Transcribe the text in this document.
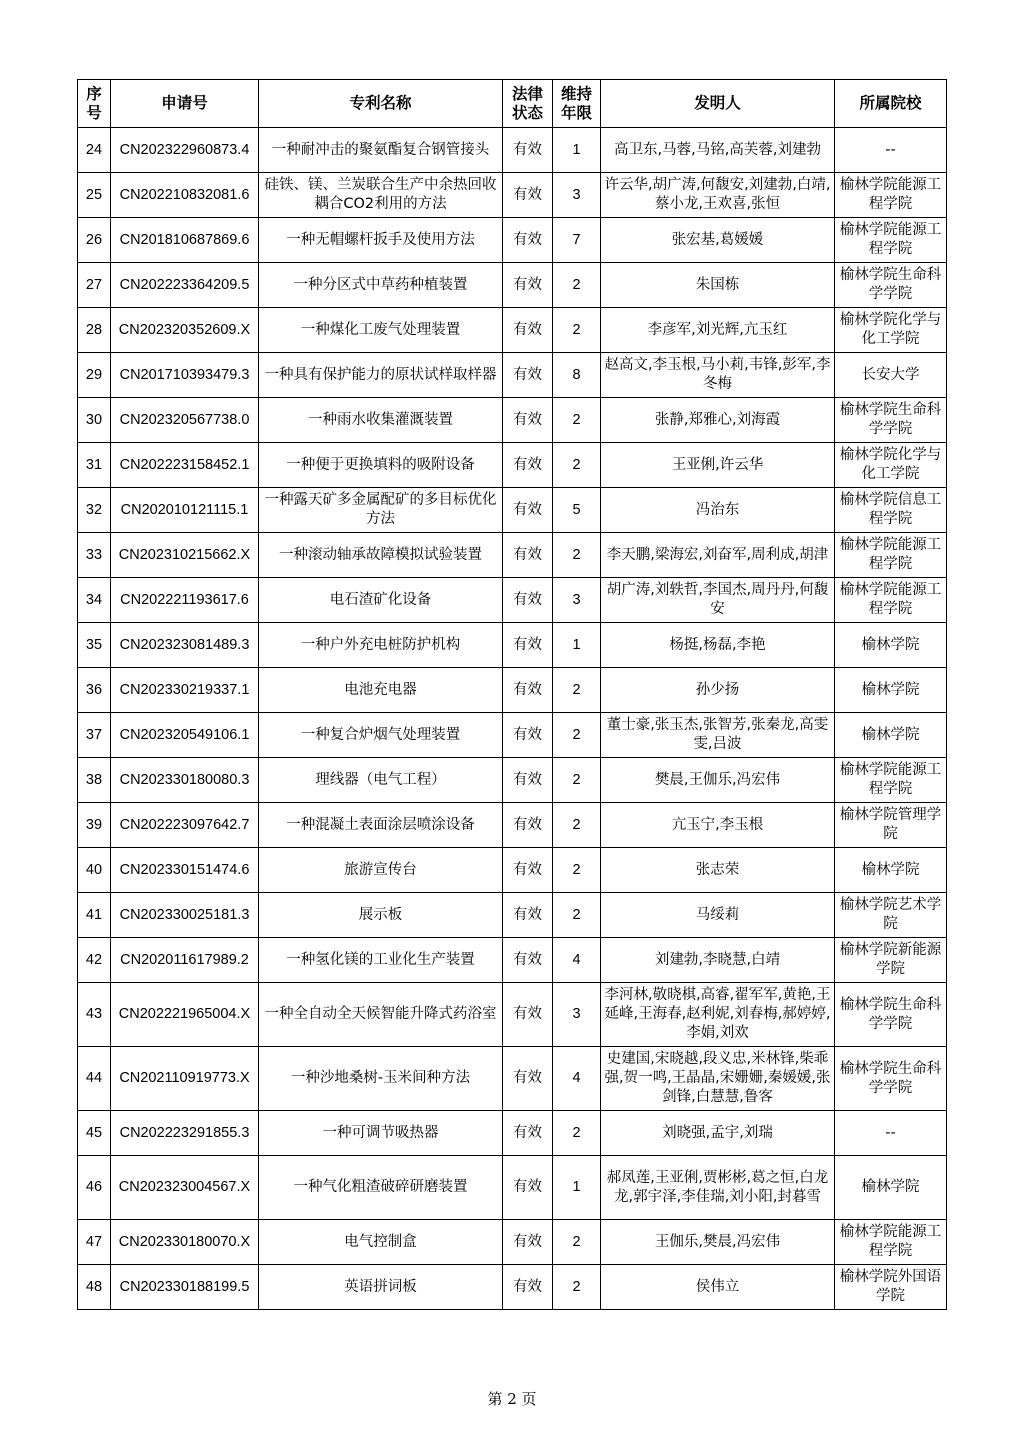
序号	申请号	专利名称	法律状态	维持年限	发明人	所属院校
24	CN202322960873.4	一种耐冲击的聚氨酯复合钢管接头	有效	1	高卫东,马蓉,马铭,高芙蓉,刘建勃	--
25	CN202210832081.6	硅铁、镁、兰炭联合生产中余热回收耦合CO2利用的方法	有效	3	许云华,胡广涛,何馥安,刘建勃,白靖,蔡小龙,王欢喜,张恒	榆林学院能源工程学院
26	CN201810687869.6	一种无帽螺杆扳手及使用方法	有效	7	张宏基,葛媛媛	榆林学院能源工程学院
27	CN202223364209.5	一种分区式中草药种植装置	有效	2	朱国栋	榆林学院生命科学学院
28	CN202320352609.X	一种煤化工废气处理装置	有效	2	李彦军,刘光辉,亢玉红	榆林学院化学与化工学院
29	CN201710393479.3	一种具有保护能力的原状试样取样器	有效	8	赵高文,李玉根,马小莉,韦锋,彭军,李冬梅	长安大学
30	CN202320567738.0	一种雨水收集灌溉装置	有效	2	张静,郑雅心,刘海霞	榆林学院生命科学学院
31	CN202223158452.1	一种便于更换填料的吸附设备	有效	2	王亚俐,许云华	榆林学院化学与化工学院
32	CN202010121115.1	一种露天矿多金属配矿的多目标优化方法	有效	5	冯治东	榆林学院信息工程学院
33	CN202310215662.X	一种滚动轴承故障模拟试验装置	有效	2	李天鹏,梁海宏,刘奋军,周利成,胡津	榆林学院能源工程学院
34	CN202221193617.6	电石渣矿化设备	有效	3	胡广涛,刘轶哲,李国杰,周丹丹,何馥安	榆林学院能源工程学院
35	CN202323081489.3	一种户外充电桩防护机构	有效	1	杨挺,杨磊,李艳	榆林学院
36	CN202330219337.1	电池充电器	有效	2	孙少扬	榆林学院
37	CN202320549106.1	一种复合炉烟气处理装置	有效	2	董士豪,张玉杰,张智芳,张秦龙,高雯雯,吕波	榆林学院
38	CN202330180080.3	理线器（电气工程）	有效	2	樊晨,王伽乐,冯宏伟	榆林学院能源工程学院
39	CN202223097642.7	一种混凝土表面涂层喷涂设备	有效	2	亢玉宁,李玉根	榆林学院管理学院
40	CN202330151474.6	旅游宣传台	有效	2	张志荣	榆林学院
41	CN202330025181.3	展示板	有效	2	马绥莉	榆林学院艺术学院
42	CN202011617989.2	一种氢化镁的工业化生产装置	有效	4	刘建勃,李晓慧,白靖	榆林学院新能源学院
43	CN202221965004.X	一种全自动全天候智能升降式药浴室	有效	3	李河林,敬晓棋,高睿,翟军军,黄艳,王延峰,王海春,赵利妮,刘春梅,郝婷婷,李娟,刘欢	榆林学院生命科学学院
44	CN202110919773.X	一种沙地桑树-玉米间种方法	有效	4	史建国,宋晓越,段义忠,米林锋,柴乖强,贺一鸣,王晶晶,宋姗姗,秦媛媛,张剑锋,白慧慧,鲁客	榆林学院生命科学学院
45	CN202223291855.3	一种可调节吸热器	有效	2	刘晓强,孟宇,刘瑞	--
46	CN202323004567.X	一种气化粗渣破碎研磨装置	有效	1	郝凤莲,王亚俐,贾彬彬,葛之恒,白龙龙,郭宇泽,李佳瑞,刘小阳,封暮雪	榆林学院
47	CN202330180070.X	电气控制盒	有效	2	王伽乐,樊晨,冯宏伟	榆林学院能源工程学院
48	CN202330188199.5	英语拼词板	有效	2	侯伟立	榆林学院外国语学院
第 2 页
